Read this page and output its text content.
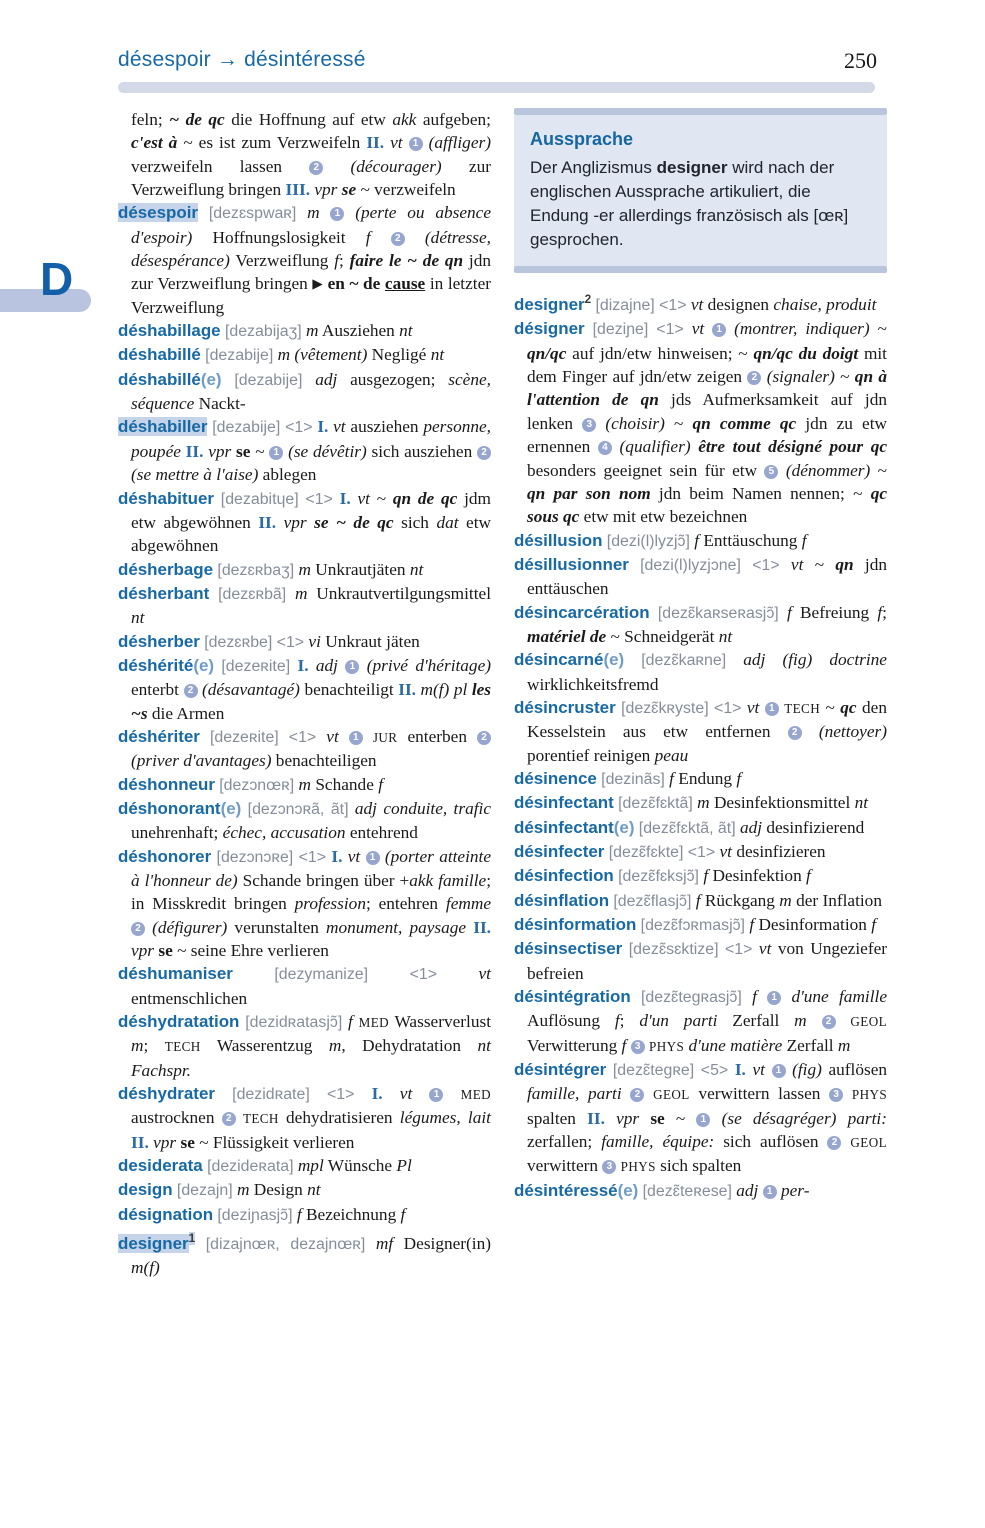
désespoir → désintéressé	250
D

feln; ~ de qc die Hoffnung auf etw akk aufgeben; c'est à ~ es ist zum Verzweifeln II. vt 1 (affliger) verzweifeln lassen 2 (décourager) zur Verzweiflung bringen III. vpr se ~ verzweifeln

désespoir [dezɛspwaʀ] m 1 (perte ou absence d'espoir) Hoffnungslosigkeit f 2 (détresse, désespérance) Verzweiflung f; faire le ~ de qn jdn zur Verzweiflung bringen ▶ en ~ de cause in letzter Verzweiflung

déshabillage [dezabijaʒ] m Ausziehen nt

déshabillé [dezabije] m (vêtement) Negligé nt

déshabillé(e) [dezabije] adj ausgezogen; scène, séquence Nackt-

déshabiller [dezabije] <1> I. vt ausziehen personne, poupée II. vpr se ~ 1 (se dévêtir) sich ausziehen 2 (se mettre à l'aise) ablegen

déshabituer [dezabitɥe] <1> I. vt ~ qn de qc jdm etw abgewöhnen II. vpr se ~ de qc sich dat etw abgewöhnen

désherbage [dezɛʀbaʒ] m Unkrautjäten nt

désherbant [dezɛʀbã] m Unkrautvertilgungsmittel nt

désherber [dezɛʀbe] <1> vi Unkraut jäten

déshérité(e) [dezeʀite] I. adj 1 (privé d'héritage) enterbt 2 (désavantagé) benachteiligt II. m(f) pl les ~s die Armen

déshériter [dezeʀite] <1> vt 1 JUR enterben 2 (priver d'avantages) benachteiligen

déshonneur [dezɔnœʀ] m Schande f

déshonorant(e) [dezɔnɔʀã, ãt] adj conduite, trafic unehrenhaft; échec, accusation entehrend

déshonorer [dezɔnɔʀe] <1> I. vt 1 (porter atteinte à l'honneur de) Schande bringen über +akk famille; in Misskredit bringen profession; entehren femme 2 (défigurer) verunstalten monument, paysage II. vpr se ~ seine Ehre verlieren

déshumaniser	[dezymanize]	<1> vt entmenschlichen

déshydratation [dezidʀatasjɔ̃] f MED Wasserverlust m; TECH Wasserentzug m, Dehydratation nt Fachspr.

déshydrater [dezidʀate] <1> I. vt 1 MED austrocknen 2 TECH dehydratisieren légumes, lait II. vpr se ~ Flüssigkeit verlieren

desiderata [dezideʀata] mpl Wünsche Pl

design [dezajn] m Design nt

désignation [deziɲasjɔ̃] f Bezeichnung f

designer$^1$ [dizajnœʀ, dezajnœʀ] mf Designer(in) m(f)

Aussprache

Der Anglizismus designer wird nach der englischen Aussprache artikuliert, die Endung -er allerdings französisch als [œʀ] gesprochen.

designer$^2$ [dizajne] <1> vt designen chaise, produit

désigner [deziɲe] <1> vt 1 (montrer, indiquer) ~ qn/qc auf jdn/etw hinweisen; ~ qn/qc du doigt mit dem Finger auf jdn/etw zeigen 2 (signaler) ~ qn à l'attention de qn jds Aufmerksamkeit auf jdn lenken 3 (choisir) ~ qn comme qc jdn zu etw ernennen 4 (qualifier) être tout désigné pour qc besonders geeignet sein für etw 5 (dénommer) ~ qn par son nom jdn beim Namen nennen; ~ qc sous qc etw mit etw bezeichnen

désillusion [dezi(l)lyzjɔ̃] f Enttäuschung f

désillusionner [dezi(l)lyzjɔne] <1> vt ~ qn jdn enttäuschen

désincarcération [dezɛ̃kaʀseʀasjɔ̃] f Befreiung f; matériel de ~ Schneidgerät nt

désincarné(e) [dezɛ̃kaʀne] adj (fig) doctrine wirklichkeitsfremd

désincruster [dezɛ̃kʀyste] <1> vt 1 TECH ~ qc den Kesselstein aus etw entfernen 2 (nettoyer) porentief reinigen peau

désinence [dezinãs] f Endung f

désinfectant [dezɛ̃fɛktã] m Desinfektionsmittel nt

désinfectant(e) [dezɛ̃fɛktã, ãt] adj desinfizierend

désinfecter [dezɛ̃fɛkte] <1> vt desinfizieren

désinfection [dezɛ̃fɛksjɔ̃] f Desinfektion f

désinflation [dezɛ̃flasjɔ̃] f Rückgang m der Inflation

désinformation [dezɛ̃fɔʀmasjɔ̃] f Desinformation f

désinsectiser [dezɛ̃sɛktize] <1> vt von Ungeziefer befreien

désintégration [dezɛ̃tegʀasjɔ̃] f 1 d'une famille Auflösung f; d'un parti Zerfall m 2 GEOL Verwitterung f 3 PHYS d'une matière Zerfall m

désintégrer [dezɛ̃tegʀe] <5> I. vt 1 (fig) auflösen famille, parti 2 GEOL verwittern lassen 3 PHYS spalten II. vpr se ~ 1 (se désagréger) parti: zerfallen; famille, équipe: sich auflösen 2 GEOL verwittern 3 PHYS sich spalten

désintéressé(e) [dezɛ̃teʀese] adj 1 per-
